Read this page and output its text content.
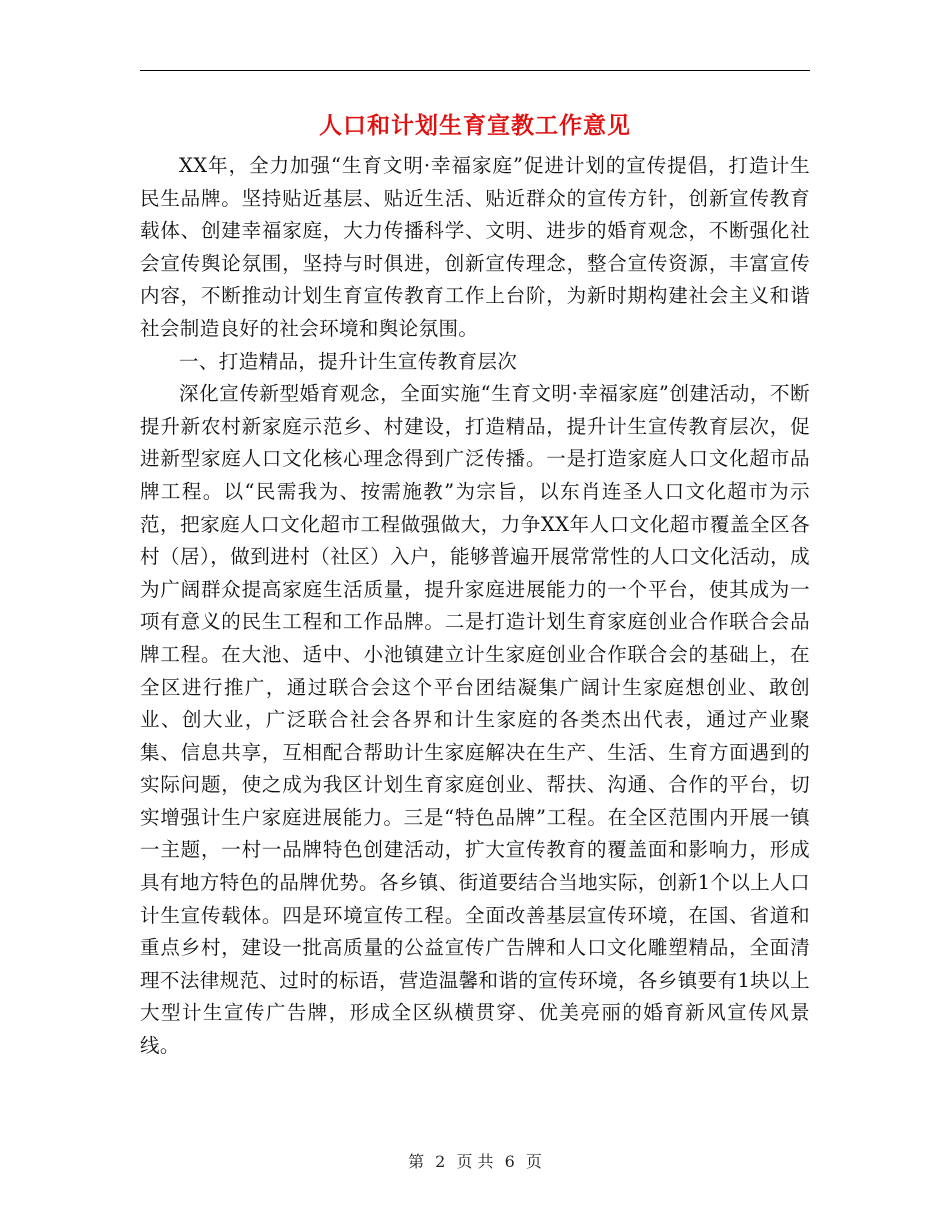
人口和计划生育宣教工作意见

XX年，全力加强“生育文明·幸福家庭”促进计划的宣传提倡，打造计生民生品牌。坚持贴近基层、贴近生活、贴近群众的宣传方针，创新宣传教育载体、创建幸福家庭，大力传播科学、文明、进步的婚育观念，不断强化社会宣传舆论氛围，坚持与时俱进，创新宣传理念，整合宣传资源，丰富宣传内容，不断推动计划生育宣传教育工作上台阶，为新时期构建社会主义和谐社会制造良好的社会环境和舆论氛围。

一、打造精品，提升计生宣传教育层次

深化宣传新型婚育观念，全面实施“生育文明·幸福家庭”创建活动，不断提升新农村新家庭示范乡、村建设，打造精品，提升计生宣传教育层次，促进新型家庭人口文化核心理念得到广泛传播。一是打造家庭人口文化超市品牌工程。以“民需我为、按需施教”为宗旨，以东肖连圣人口文化超市为示范，把家庭人口文化超市工程做强做大，力争XX年人口文化超市覆盖全区各村（居），做到进村（社区）入户，能够普遍开展常常性的人口文化活动，成为广阔群众提高家庭生活质量，提升家庭进展能力的一个平台，使其成为一项有意义的民生工程和工作品牌。二是打造计划生育家庭创业合作联合会品牌工程。在大池、适中、小池镇建立计生家庭创业合作联合会的基础上，在全区进行推广，通过联合会这个平台团结凝集广阔计生家庭想创业、敢创业、创大业，广泛联合社会各界和计生家庭的各类杰出代表，通过产业聚集、信息共享，互相配合帮助计生家庭解决在生产、生活、生育方面遇到的实际问题，使之成为我区计划生育家庭创业、帮扶、沟通、合作的平台，切实增强计生户家庭进展能力。三是“特色品牌”工程。在全区范围内开展一镇一主题，一村一品牌特色创建活动，扩大宣传教育的覆盖面和影响力，形成具有地方特色的品牌优势。各乡镇、街道要结合当地实际，创新1个以上人口计生宣传载体。四是环境宣传工程。全面改善基层宣传环境，在国、省道和重点乡村，建设一批高质量的公益宣传广告牌和人口文化雕塑精品，全面清理不法律规范、过时的标语，营造温馨和谐的宣传环境，各乡镇要有1块以上大型计生宣传广告牌，形成全区纵横贯穿、优美亮丽的婚育新风宣传风景线。

第 2 页 共 6 页
